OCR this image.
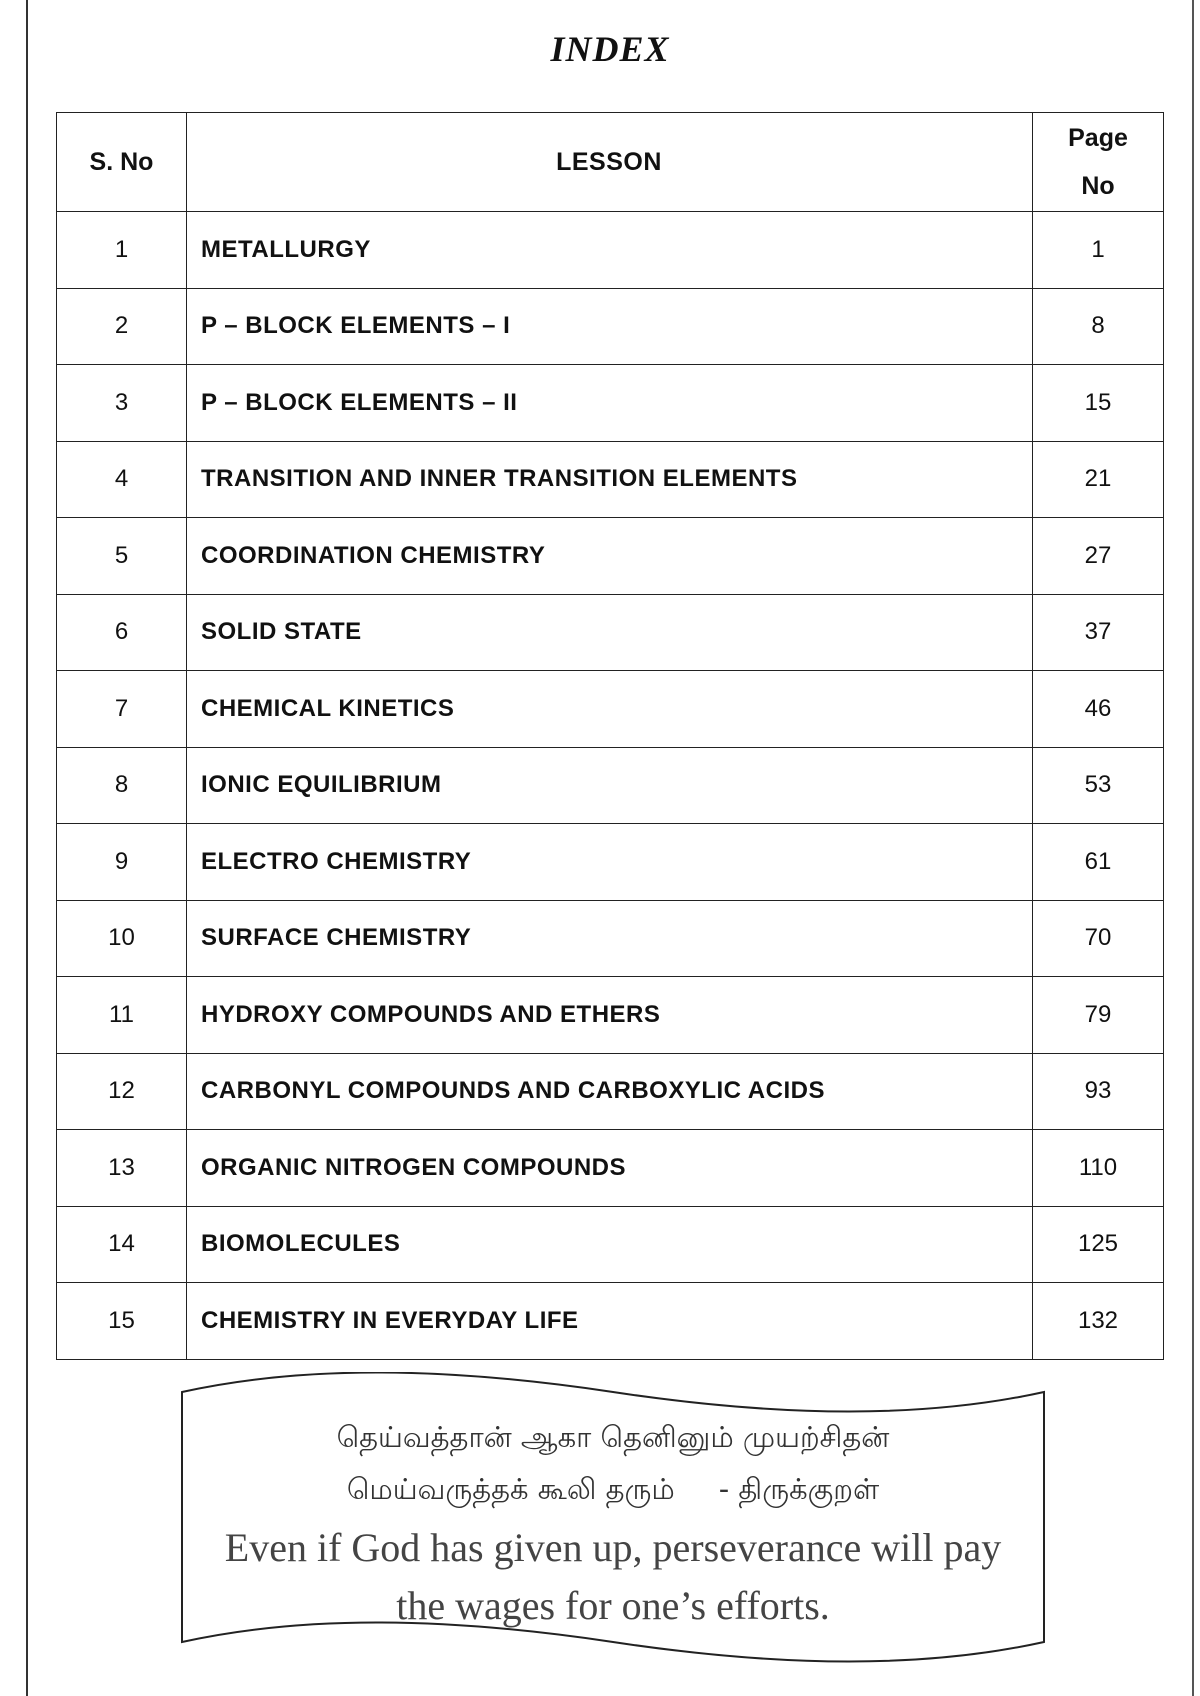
INDEX
S. No	LESSON	Page
No
1	METALLURGY	1
2	P – BLOCK ELEMENTS – I	8
3	P – BLOCK ELEMENTS – II	15
4	TRANSITION AND INNER TRANSITION ELEMENTS	21
5	COORDINATION CHEMISTRY	27
6	SOLID STATE	37
7	CHEMICAL KINETICS	46
8	IONIC EQUILIBRIUM	53
9	ELECTRO CHEMISTRY	61
10	SURFACE CHEMISTRY	70
11	HYDROXY COMPOUNDS AND ETHERS	79
12	CARBONYL COMPOUNDS AND CARBOXYLIC ACIDS	93
13	ORGANIC NITROGEN COMPOUNDS	110
14	BIOMOLECULES	125
15	CHEMISTRY IN EVERYDAY LIFE	132
தெய்வத்தான் ஆகா தெனினும் முயற்சிதன்
மெய்வருத்தக் கூலி தரும் - திருக்குறள்
Even if God has given up, perseverance will pay
the wages for one’s efforts.
